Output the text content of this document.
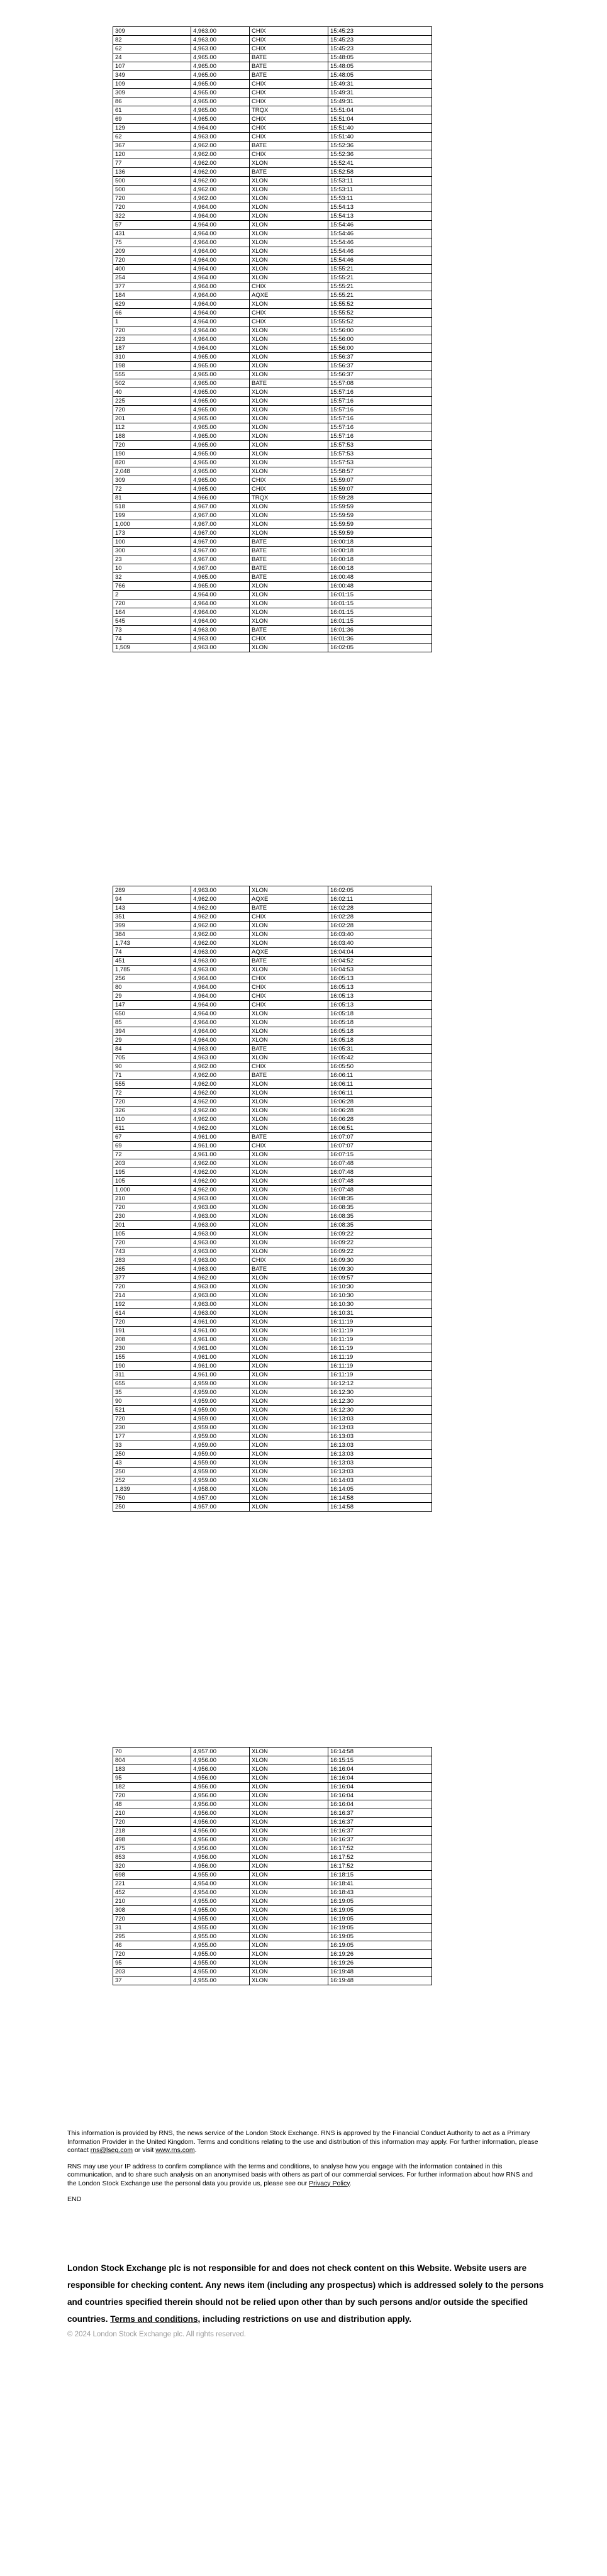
309	4,963.00	CHIX	15:45:23
82	4,963.00	CHIX	15:45:23
62	4,963.00	CHIX	15:45:23
24	4,965.00	BATE	15:48:05
107	4,965.00	BATE	15:48:05
349	4,965.00	BATE	15:48:05
109	4,965.00	CHIX	15:49:31
309	4,965.00	CHIX	15:49:31
86	4,965.00	CHIX	15:49:31
61	4,965.00	TRQX	15:51:04
69	4,965.00	CHIX	15:51:04
129	4,964.00	CHIX	15:51:40
62	4,963.00	CHIX	15:51:40
367	4,962.00	BATE	15:52:36
120	4,962.00	CHIX	15:52:36
77	4,962.00	XLON	15:52:41
136	4,962.00	BATE	15:52:58
500	4,962.00	XLON	15:53:11
500	4,962.00	XLON	15:53:11
720	4,962.00	XLON	15:53:11
720	4,964.00	XLON	15:54:13
322	4,964.00	XLON	15:54:13
57	4,964.00	XLON	15:54:46
431	4,964.00	XLON	15:54:46
75	4,964.00	XLON	15:54:46
209	4,964.00	XLON	15:54:46
720	4,964.00	XLON	15:54:46
400	4,964.00	XLON	15:55:21
254	4,964.00	XLON	15:55:21
377	4,964.00	CHIX	15:55:21
184	4,964.00	AQXE	15:55:21
629	4,964.00	XLON	15:55:52
66	4,964.00	CHIX	15:55:52
1	4,964.00	CHIX	15:55:52
720	4,964.00	XLON	15:56:00
223	4,964.00	XLON	15:56:00
187	4,964.00	XLON	15:56:00
310	4,965.00	XLON	15:56:37
198	4,965.00	XLON	15:56:37
555	4,965.00	XLON	15:56:37
502	4,965.00	BATE	15:57:08
40	4,965.00	XLON	15:57:16
225	4,965.00	XLON	15:57:16
720	4,965.00	XLON	15:57:16
201	4,965.00	XLON	15:57:16
112	4,965.00	XLON	15:57:16
188	4,965.00	XLON	15:57:16
720	4,965.00	XLON	15:57:53
190	4,965.00	XLON	15:57:53
820	4,965.00	XLON	15:57:53
2,048	4,965.00	XLON	15:58:57
309	4,965.00	CHIX	15:59:07
72	4,965.00	CHIX	15:59:07
81	4,966.00	TRQX	15:59:28
518	4,967.00	XLON	15:59:59
199	4,967.00	XLON	15:59:59
1,000	4,967.00	XLON	15:59:59
173	4,967.00	XLON	15:59:59
100	4,967.00	BATE	16:00:18
300	4,967.00	BATE	16:00:18
23	4,967.00	BATE	16:00:18
10	4,967.00	BATE	16:00:18
32	4,965.00	BATE	16:00:48
766	4,965.00	XLON	16:00:48
2	4,964.00	XLON	16:01:15
720	4,964.00	XLON	16:01:15
164	4,964.00	XLON	16:01:15
545	4,964.00	XLON	16:01:15
73	4,963.00	BATE	16:01:36
74	4,963.00	CHIX	16:01:36
1,509	4,963.00	XLON	16:02:05
289	4,963.00	XLON	16:02:05
94	4,962.00	AQXE	16:02:11
143	4,962.00	BATE	16:02:28
351	4,962.00	CHIX	16:02:28
399	4,962.00	XLON	16:02:28
384	4,962.00	XLON	16:03:40
1,743	4,962.00	XLON	16:03:40
74	4,963.00	AQXE	16:04:04
451	4,963.00	BATE	16:04:52
1,785	4,963.00	XLON	16:04:53
256	4,964.00	CHIX	16:05:13
80	4,964.00	CHIX	16:05:13
29	4,964.00	CHIX	16:05:13
147	4,964.00	CHIX	16:05:13
650	4,964.00	XLON	16:05:18
85	4,964.00	XLON	16:05:18
394	4,964.00	XLON	16:05:18
29	4,964.00	XLON	16:05:18
84	4,963.00	BATE	16:05:31
705	4,963.00	XLON	16:05:42
90	4,962.00	CHIX	16:05:50
71	4,962.00	BATE	16:06:11
555	4,962.00	XLON	16:06:11
72	4,962.00	XLON	16:06:11
720	4,962.00	XLON	16:06:28
326	4,962.00	XLON	16:06:28
110	4,962.00	XLON	16:06:28
611	4,962.00	XLON	16:06:51
67	4,961.00	BATE	16:07:07
69	4,961.00	CHIX	16:07:07
72	4,961.00	XLON	16:07:15
203	4,962.00	XLON	16:07:48
195	4,962.00	XLON	16:07:48
105	4,962.00	XLON	16:07:48
1,000	4,962.00	XLON	16:07:48
210	4,963.00	XLON	16:08:35
720	4,963.00	XLON	16:08:35
230	4,963.00	XLON	16:08:35
201	4,963.00	XLON	16:08:35
105	4,963.00	XLON	16:09:22
720	4,963.00	XLON	16:09:22
743	4,963.00	XLON	16:09:22
283	4,963.00	CHIX	16:09:30
265	4,963.00	BATE	16:09:30
377	4,962.00	XLON	16:09:57
720	4,963.00	XLON	16:10:30
214	4,963.00	XLON	16:10:30
192	4,963.00	XLON	16:10:30
614	4,963.00	XLON	16:10:31
720	4,961.00	XLON	16:11:19
191	4,961.00	XLON	16:11:19
208	4,961.00	XLON	16:11:19
230	4,961.00	XLON	16:11:19
155	4,961.00	XLON	16:11:19
190	4,961.00	XLON	16:11:19
311	4,961.00	XLON	16:11:19
655	4,959.00	XLON	16:12:12
35	4,959.00	XLON	16:12:30
90	4,959.00	XLON	16:12:30
521	4,959.00	XLON	16:12:30
720	4,959.00	XLON	16:13:03
230	4,959.00	XLON	16:13:03
177	4,959.00	XLON	16:13:03
33	4,959.00	XLON	16:13:03
250	4,959.00	XLON	16:13:03
43	4,959.00	XLON	16:13:03
250	4,959.00	XLON	16:13:03
252	4,959.00	XLON	16:14:03
1,839	4,958.00	XLON	16:14:05
750	4,957.00	XLON	16:14:58
250	4,957.00	XLON	16:14:58
70	4,957.00	XLON	16:14:58
804	4,956.00	XLON	16:15:15
183	4,956.00	XLON	16:16:04
95	4,956.00	XLON	16:16:04
182	4,956.00	XLON	16:16:04
720	4,956.00	XLON	16:16:04
48	4,956.00	XLON	16:16:04
210	4,956.00	XLON	16:16:37
720	4,956.00	XLON	16:16:37
218	4,956.00	XLON	16:16:37
498	4,956.00	XLON	16:16:37
475	4,956.00	XLON	16:17:52
853	4,956.00	XLON	16:17:52
320	4,956.00	XLON	16:17:52
698	4,955.00	XLON	16:18:15
221	4,954.00	XLON	16:18:41
452	4,954.00	XLON	16:18:43
210	4,955.00	XLON	16:19:05
308	4,955.00	XLON	16:19:05
720	4,955.00	XLON	16:19:05
31	4,955.00	XLON	16:19:05
295	4,955.00	XLON	16:19:05
46	4,955.00	XLON	16:19:05
720	4,955.00	XLON	16:19:26
95	4,955.00	XLON	16:19:26
203	4,955.00	XLON	16:19:48
37	4,955.00	XLON	16:19:48

This information is provided by RNS, the news service of the London Stock Exchange. RNS is approved by the Financial Conduct Authority to act as a Primary Information Provider in the United Kingdom. Terms and conditions relating to the use and distribution of this information may apply. For further information, please contact rns@lseg.com or visit www.rns.com.

RNS may use your IP address to confirm compliance with the terms and conditions, to analyse how you engage with the information contained in this communication, and to share such analysis on an anonymised basis with others as part of our commercial services. For further information about how RNS and the London Stock Exchange use the personal data you provide us, please see our Privacy Policy.

END

London Stock Exchange plc is not responsible for and does not check content on this Website. Website users are responsible for checking content. Any news item (including any prospectus) which is addressed solely to the persons and countries specified therein should not be relied upon other than by such persons and/or outside the specified countries. Terms and conditions, including restrictions on use and distribution apply.
© 2024 London Stock Exchange plc. All rights reserved.
